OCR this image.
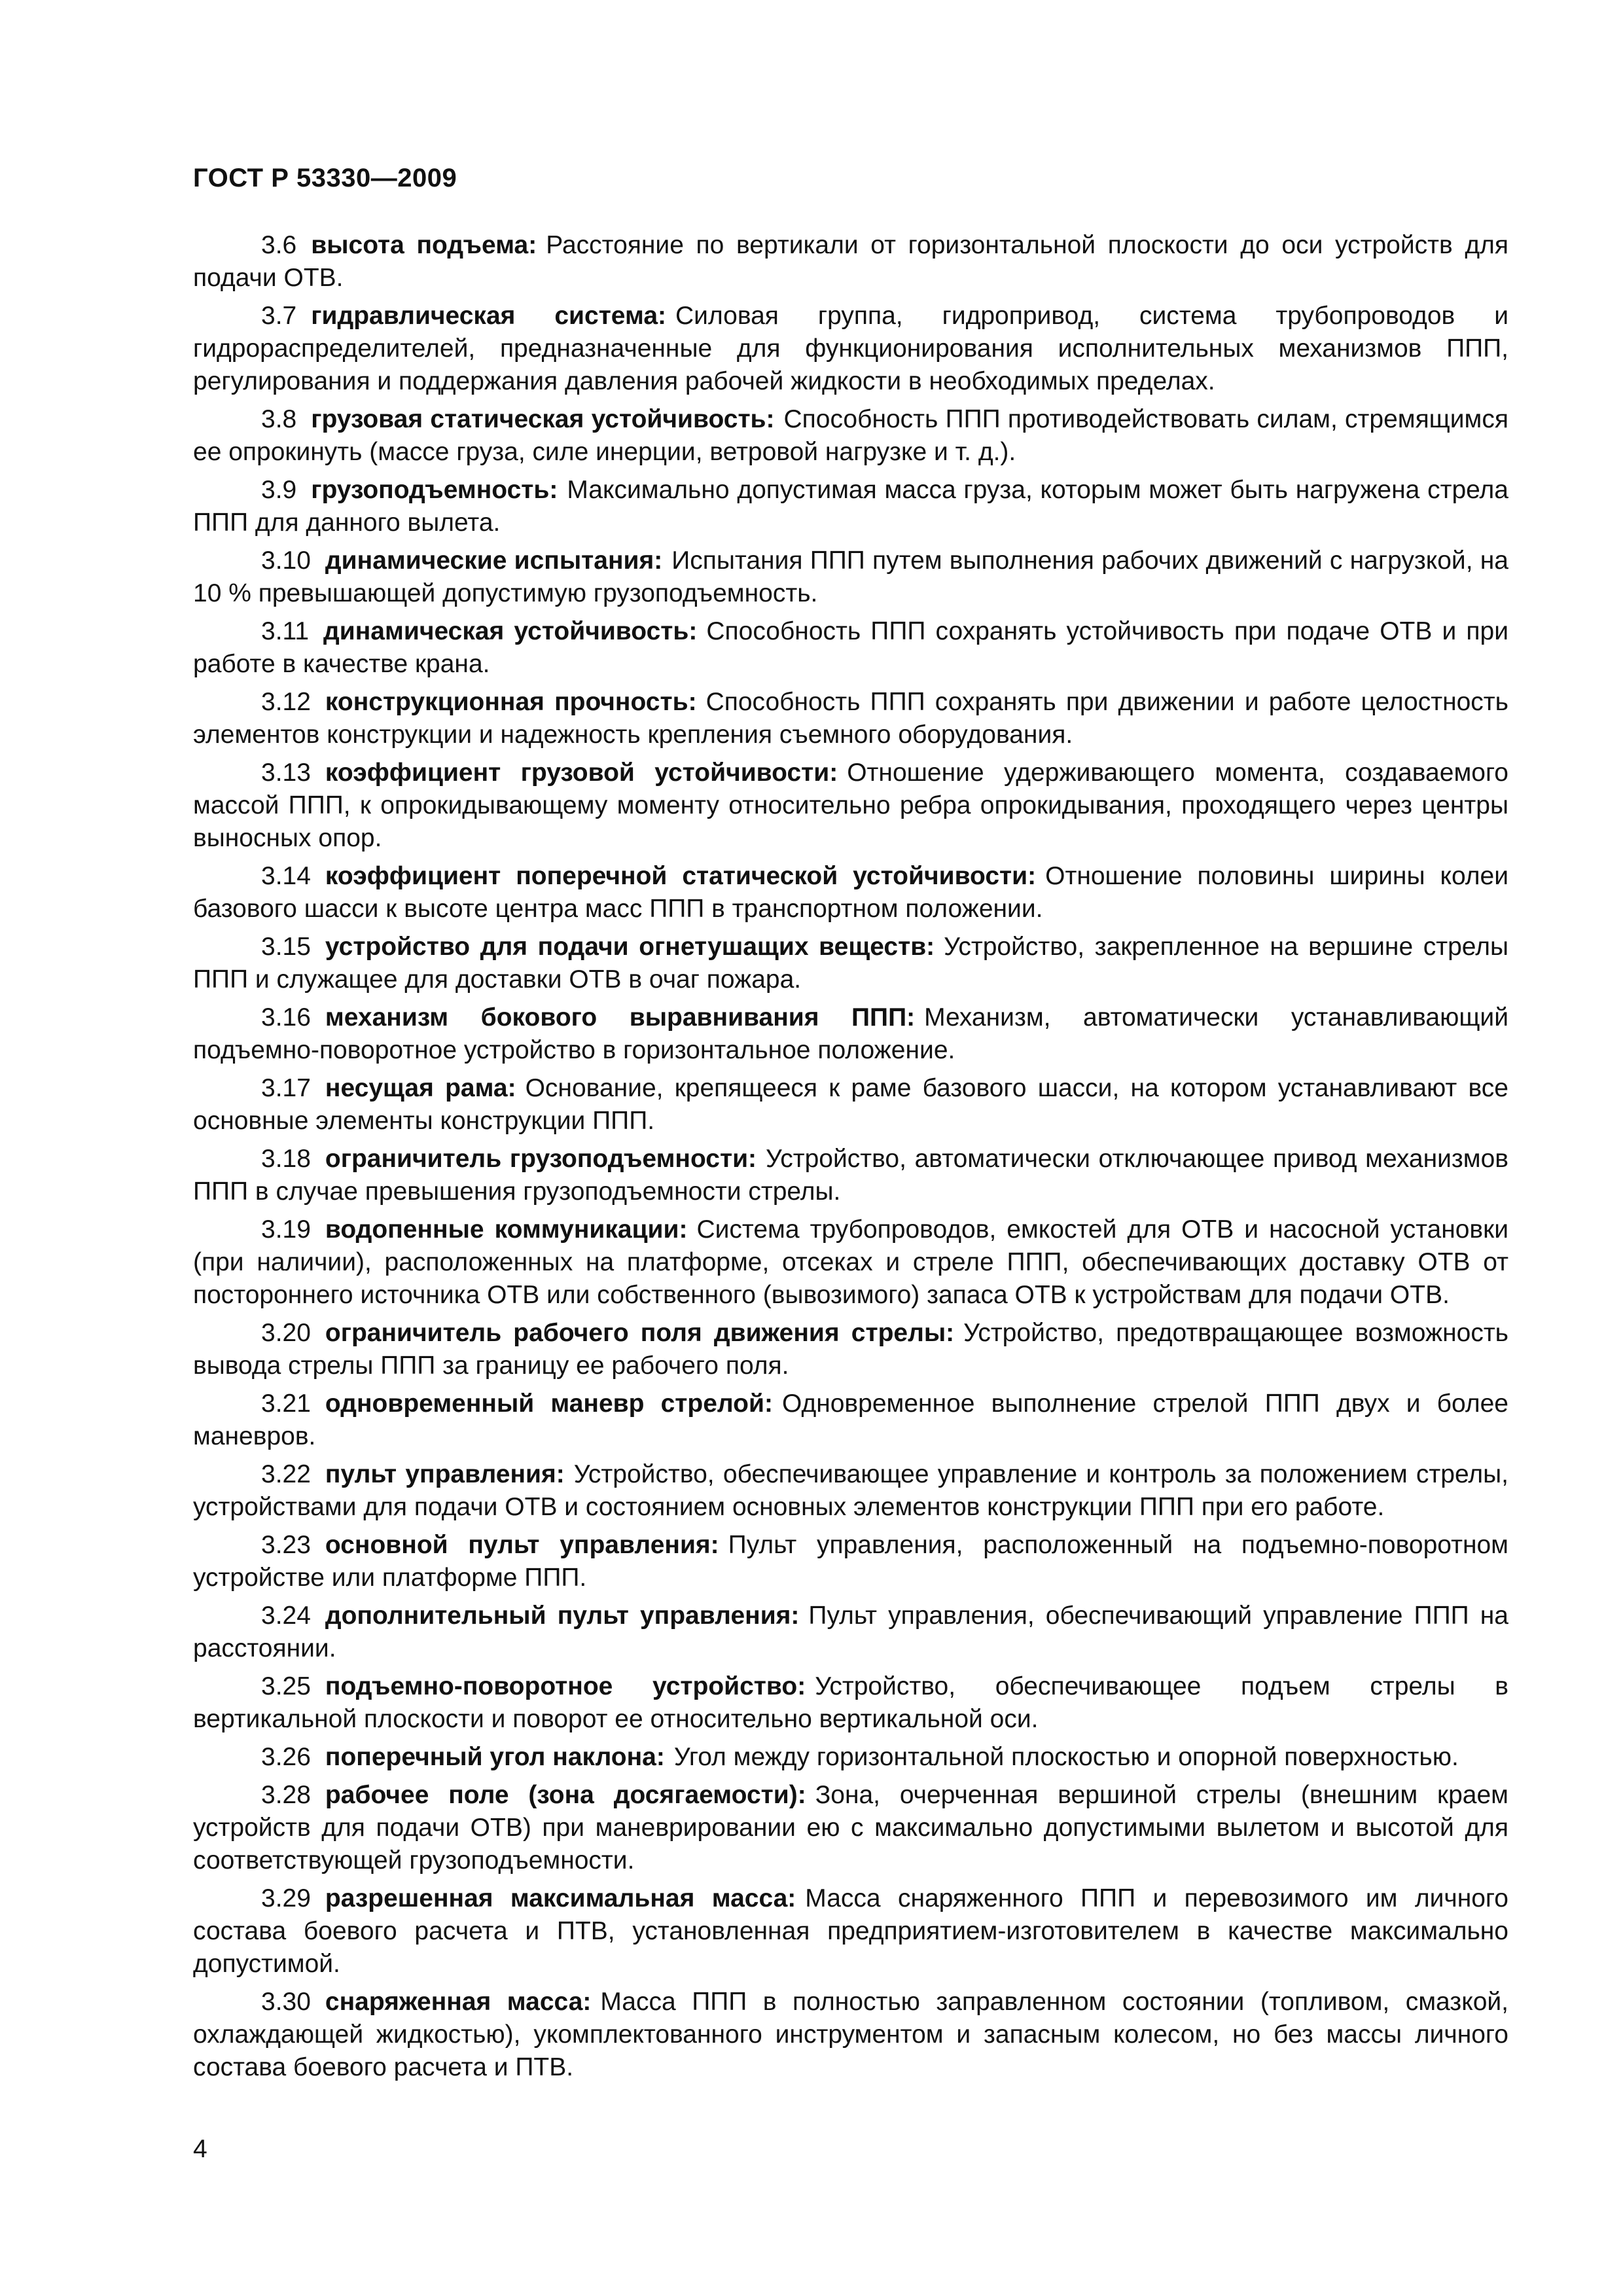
ГОСТ Р 53330—2009

3.6 высота подъема: Расстояние по вертикали от горизонтальной плоскости до оси устройств для подачи ОТВ.

3.7 гидравлическая система: Силовая группа, гидропривод, система трубопроводов и гидрораспределителей, предназначенные для функционирования исполнительных механизмов ППП, регулирования и поддержания давления рабочей жидкости в необходимых пределах.

3.8 грузовая статическая устойчивость: Способность ППП противодействовать силам, стремящимся ее опрокинуть (массе груза, силе инерции, ветровой нагрузке и т. д.).

3.9 грузоподъемность: Максимально допустимая масса груза, которым может быть нагружена стрела ППП для данного вылета.

3.10 динамические испытания: Испытания ППП путем выполнения рабочих движений с нагрузкой, на 10 % превышающей допустимую грузоподъемность.

3.11 динамическая устойчивость: Способность ППП сохранять устойчивость при подаче ОТВ и при работе в качестве крана.

3.12 конструкционная прочность: Способность ППП сохранять при движении и работе целостность элементов конструкции и надежность крепления съемного оборудования.

3.13 коэффициент грузовой устойчивости: Отношение удерживающего момента, создаваемого массой ППП, к опрокидывающему моменту относительно ребра опрокидывания, проходящего через центры выносных опор.

3.14 коэффициент поперечной статической устойчивости: Отношение половины ширины колеи базового шасси к высоте центра масс ППП в транспортном положении.

3.15 устройство для подачи огнетушащих веществ: Устройство, закрепленное на вершине стрелы ППП и служащее для доставки ОТВ в очаг пожара.

3.16 механизм бокового выравнивания ППП: Механизм, автоматически устанавливающий подъемно-поворотное устройство в горизонтальное положение.

3.17 несущая рама: Основание, крепящееся к раме базового шасси, на котором устанавливают все основные элементы конструкции ППП.

3.18 ограничитель грузоподъемности: Устройство, автоматически отключающее привод механизмов ППП в случае превышения грузоподъемности стрелы.

3.19 водопенные коммуникации: Система трубопроводов, емкостей для ОТВ и насосной установки (при наличии), расположенных на платформе, отсеках и стреле ППП, обеспечивающих доставку ОТВ от постороннего источника ОТВ или собственного (вывозимого) запаса ОТВ к устройствам для подачи ОТВ.

3.20 ограничитель рабочего поля движения стрелы: Устройство, предотвращающее возможность вывода стрелы ППП за границу ее рабочего поля.

3.21 одновременный маневр стрелой: Одновременное выполнение стрелой ППП двух и более маневров.

3.22 пульт управления: Устройство, обеспечивающее управление и контроль за положением стрелы, устройствами для подачи ОТВ и состоянием основных элементов конструкции ППП при его работе.

3.23 основной пульт управления: Пульт управления, расположенный на подъемно-поворотном устройстве или платформе ППП.

3.24 дополнительный пульт управления: Пульт управления, обеспечивающий управление ППП на расстоянии.

3.25 подъемно-поворотное устройство: Устройство, обеспечивающее подъем стрелы в вертикальной плоскости и поворот ее относительно вертикальной оси.

3.26 поперечный угол наклона: Угол между горизонтальной плоскостью и опорной поверхностью.

3.28 рабочее поле (зона досягаемости): Зона, очерченная вершиной стрелы (внешним краем устройств для подачи ОТВ) при маневрировании ею с максимально допустимыми вылетом и высотой для соответствующей грузоподъемности.

3.29 разрешенная максимальная масса: Масса снаряженного ППП и перевозимого им личного состава боевого расчета и ПТВ, установленная предприятием-изготовителем в качестве максимально допустимой.

3.30 снаряженная масса: Масса ППП в полностью заправленном состоянии (топливом, смазкой, охлаждающей жидкостью), укомплектованного инструментом и запасным колесом, но без массы личного состава боевого расчета и ПТВ.

4
